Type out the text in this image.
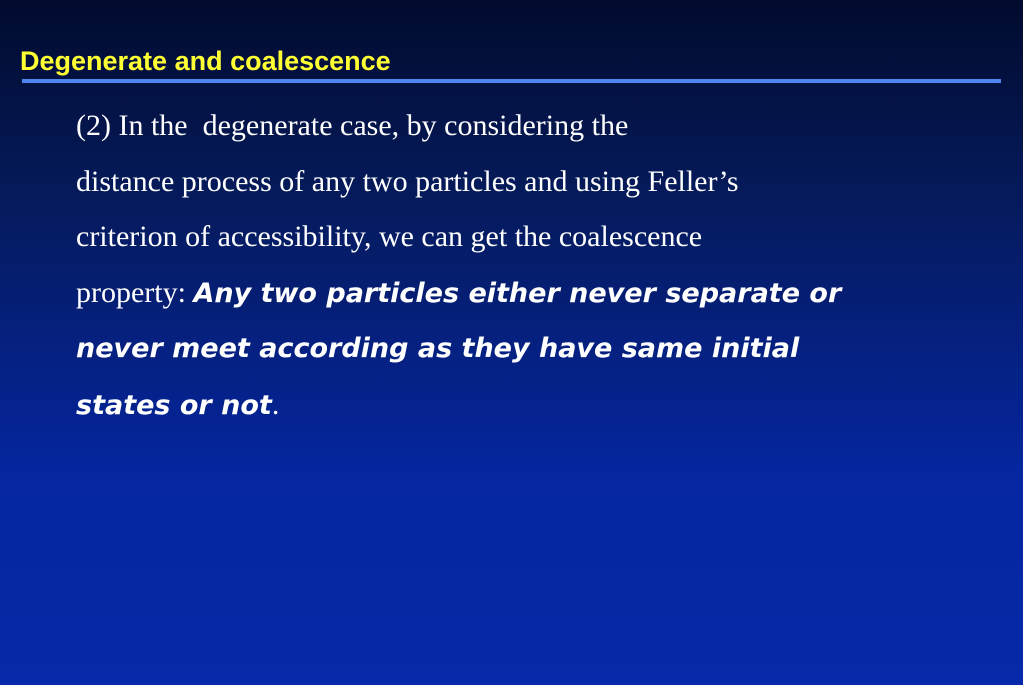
Degenerate and coalescence
(2) In the  degenerate case, by considering the
distance process of any two particles and using Feller’s
criterion of accessibility, we can get the coalescence
property: Any two particles either never separate or
never meet according as they have same initial
states or not.
